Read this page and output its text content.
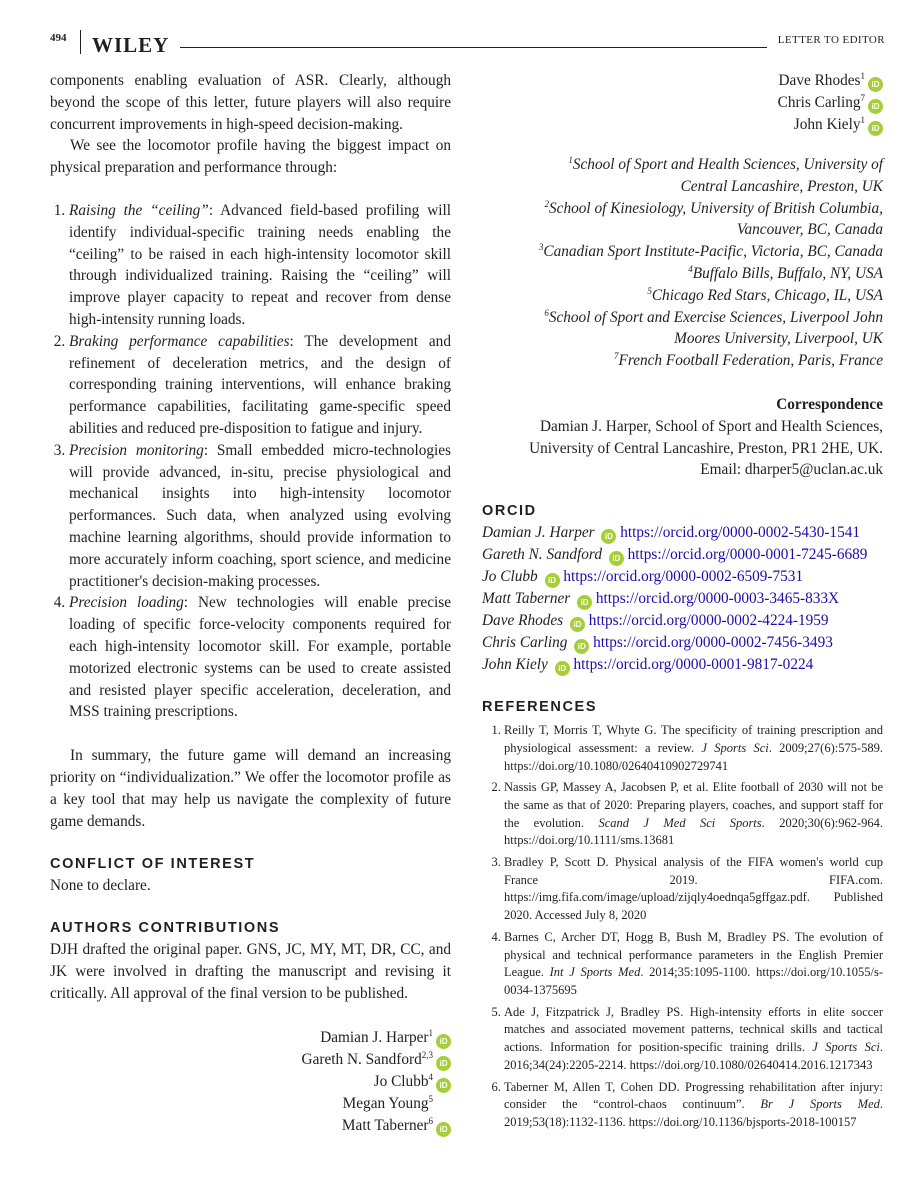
494 WILEY	LETTER TO EDITOR

components enabling evaluation of ASR. Clearly, although beyond the scope of this letter, future players will also require concurrent improvements in high-speed decision-making.

We see the locomotor profile having the biggest impact on physical preparation and performance through:

1. Raising the “ceiling”: Advanced field-based profiling will identify individual-specific training needs enabling the “ceiling” to be raised in each high-intensity locomotor skill through individualized training. Raising the “ceiling” will improve player capacity to repeat and recover from dense high-intensity running loads.
2. Braking performance capabilities: The development and refinement of deceleration metrics, and the design of corresponding training interventions, will enhance braking performance capabilities, facilitating game-specific speed abilities and reduced pre-disposition to fatigue and injury.
3. Precision monitoring: Small embedded micro-technologies will provide advanced, in-situ, precise physiological and mechanical insights into high-intensity locomotor performances. Such data, when analyzed using evolving machine learning algorithms, should provide information to more accurately inform coaching, sport science, and medicine practitioner's decision-making processes.
4. Precision loading: New technologies will enable precise loading of specific force-velocity components required for each high-intensity locomotor skill. For example, portable motorized electronic systems can be used to create assisted and resisted player specific acceleration, deceleration, and MSS training prescriptions.

In summary, the future game will demand an increasing priority on “individualization.” We offer the locomotor profile as a key tool that may help us navigate the complexity of future game demands.

CONFLICT OF INTEREST

None to declare.

AUTHORS CONTRIBUTIONS

DJH drafted the original paper. GNS, JC, MY, MT, DR, CC, and JK were involved in drafting the manuscript and revising it critically. All approval of the final version to be published.

Damian J. Harper$^1$iD
Gareth N. Sandford$^{2,3}$iD
Jo Clubb$^4$iD
Megan Young$^5$
Matt Taberner$^6$iD
Dave Rhodes$^1$iD
Chris Carling$^7$iD
John Kiely$^1$iD
$^1$School of Sport and Health Sciences, University of Central Lancashire, Preston, UK
$^2$School of Kinesiology, University of British Columbia, Vancouver, BC, Canada
$^3$Canadian Sport Institute-Pacific, Victoria, BC, Canada
$^4$Buffalo Bills, Buffalo, NY, USA
$^5$Chicago Red Stars, Chicago, IL, USA
$^6$School of Sport and Exercise Sciences, Liverpool John Moores University, Liverpool, UK
$^7$French Football Federation, Paris, France
Correspondence
Damian J. Harper, School of Sport and Health Sciences,
University of Central Lancashire, Preston, PR1 2HE, UK.
Email: dharper5@uclan.ac.uk
ORCID
Damian J. Harper iD https://orcid.org/0000-0002-5430-1541
Gareth N. Sandford iD https://orcid.org/0000-0001-7245-6689
Jo Clubb iD https://orcid.org/0000-0002-6509-7531
Matt Taberner iD https://orcid.org/0000-0003-3465-833X
Dave Rhodes iD https://orcid.org/0000-0002-4224-1959
Chris Carling iD https://orcid.org/0000-0002-7456-3493
John Kiely iD https://orcid.org/0000-0001-9817-0224
REFERENCES
1. Reilly T, Morris T, Whyte G. The specificity of training prescription and physiological assessment: a review. J Sports Sci. 2009;27(6):575-589. https://doi.org/10.1080/02640410902729741
2. Nassis GP, Massey A, Jacobsen P, et al. Elite football of 2030 will not be the same as that of 2020: Preparing players, coaches, and support staff for the evolution. Scand J Med Sci Sports. 2020;30(6):962-964. https://doi.org/10.1111/sms.13681
3. Bradley P, Scott D. Physical analysis of the FIFA women's world cup France 2019. FIFA.com. https://img.fifa.com/image/upload/zijqly4oednqa5gffgaz.pdf. Published 2020. Accessed July 8, 2020
4. Barnes C, Archer DT, Hogg B, Bush M, Bradley PS. The evolution of physical and technical performance parameters in the English Premier League. Int J Sports Med. 2014;35:1095-1100. https://doi.org/10.1055/s-0034-1375695
5. Ade J, Fitzpatrick J, Bradley PS. High-intensity efforts in elite soccer matches and associated movement patterns, technical skills and tactical actions. Information for position-specific training drills. J Sports Sci. 2016;34(24):2205-2214. https://doi.org/10.1080/02640414.2016.1217343
6. Taberner M, Allen T, Cohen DD. Progressing rehabilitation after injury: consider the “control-chaos continuum”. Br J Sports Med. 2019;53(18):1132-1136. https://doi.org/10.1136/bjsports-2018-100157
